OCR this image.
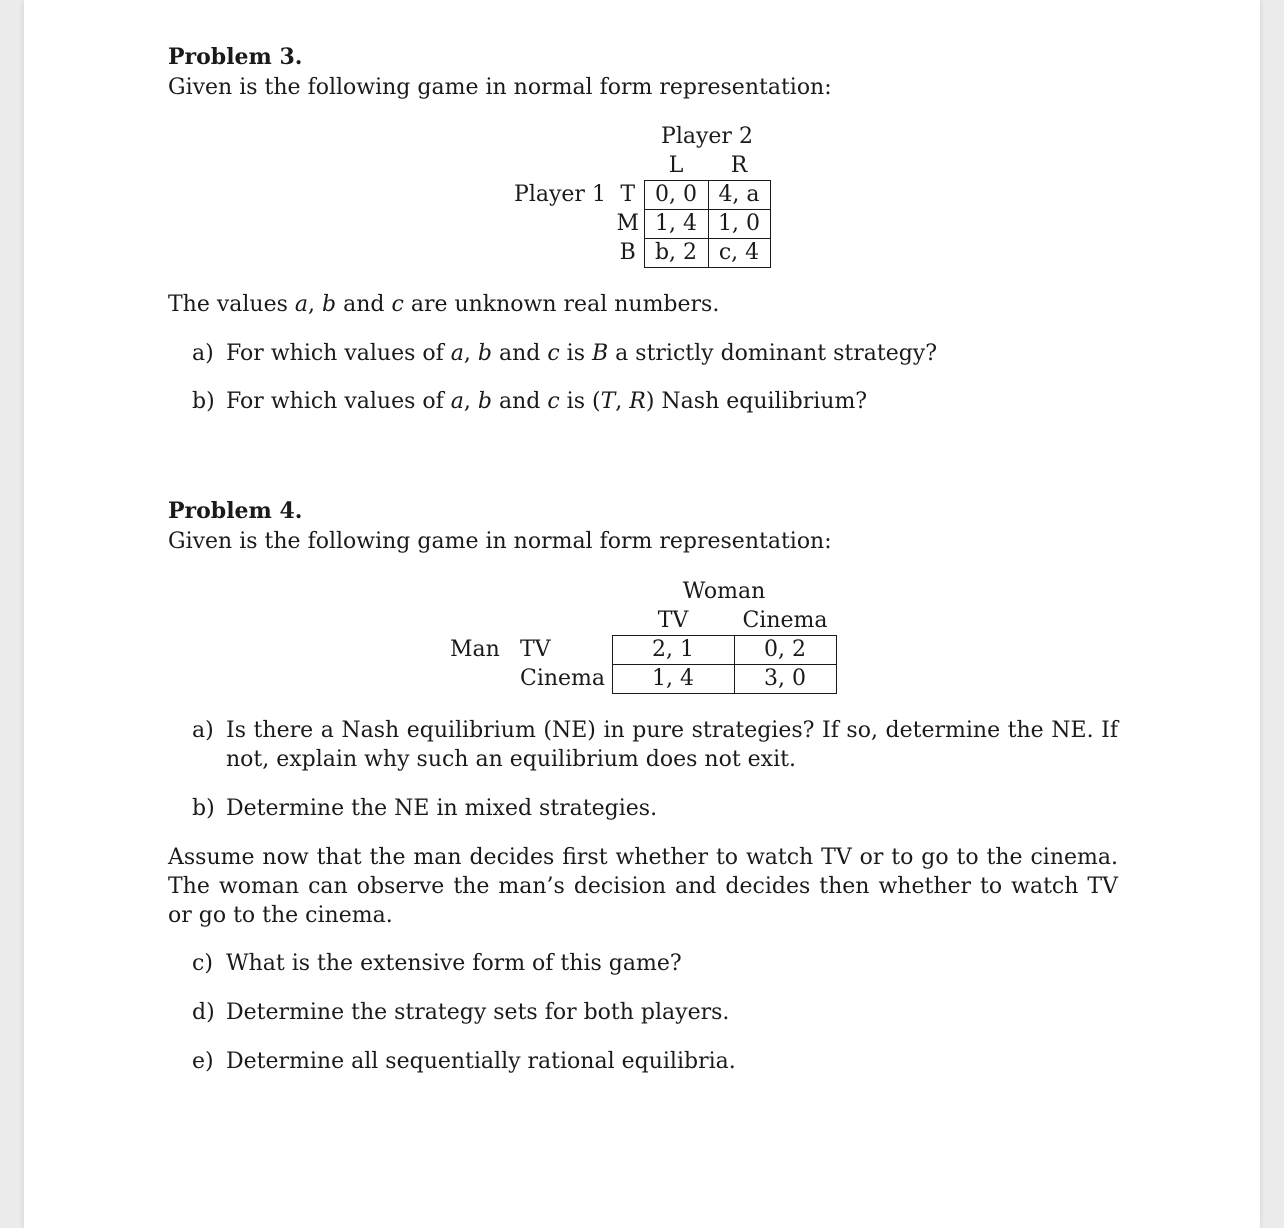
Problem 3.
Given is the following game in normal form representation:
		Player 2	
		L	R
Player 1	T	0, 0	4, a
	M	1, 4	1, 0
	B	b, 2	c, 4
The values a, b and c are unknown real numbers.
a) For which values of a, b and c is B a strictly dominant strategy?
b) For which values of a, b and c is (T, R) Nash equilibrium?
Problem 4.
Given is the following game in normal form representation:
		Woman	
		TV	Cinema
Man	TV	2, 1	0, 2
	Cinema	1, 4	3, 0
a) Is there a Nash equilibrium (NE) in pure strategies? If so, determine the NE. If not, explain why such an equilibrium does not exit.
b) Determine the NE in mixed strategies.
Assume now that the man decides first whether to watch TV or to go to the cinema. The woman can observe the man’s decision and decides then whether to watch TV or go to the cinema.
c) What is the extensive form of this game?
d) Determine the strategy sets for both players.
e) Determine all sequentially rational equilibria.
